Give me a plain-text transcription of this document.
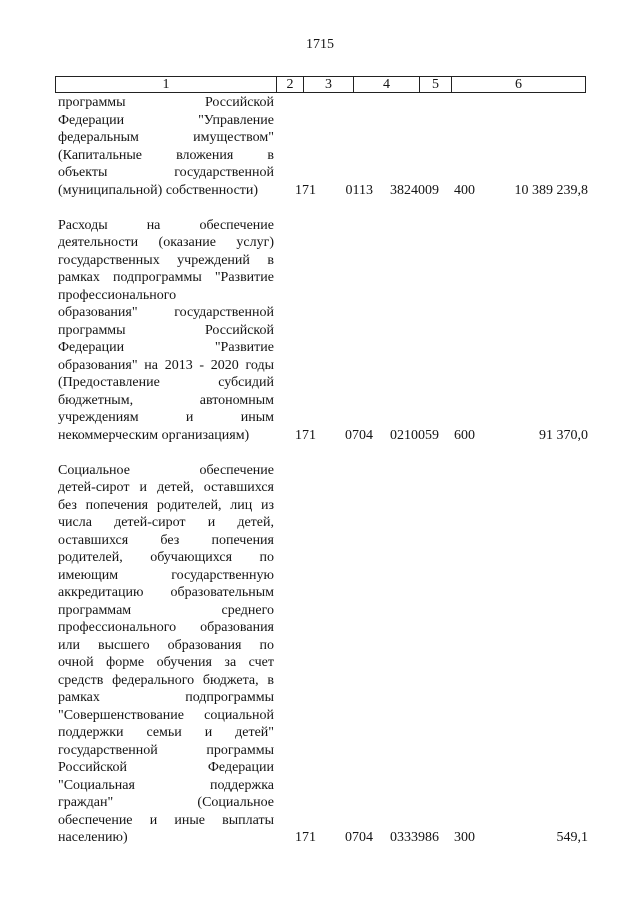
1715
1	2	3	4	5	6
программы Российской
Федерации "Управление
федеральным имуществом"
(Капитальные вложения в
объекты государственной
(муниципальной) собственности)	171	0113	3824009	400	10 389 239,8
Расходы на обеспечение
деятельности (оказание услуг)
государственных учреждений в
рамках подпрограммы "Развитие
профессионального
образования" государственной
программы Российской
Федерации "Развитие
образования" на 2013 - 2020 годы
(Предоставление субсидий
бюджетным, автономным
учреждениям и иным
некоммерческим организациям)	171	0704	0210059	600	91 370,0
Социальное обеспечение
детей-сирот и детей, оставшихся
без попечения родителей, лиц из
числа детей-сирот и детей,
оставшихся без попечения
родителей, обучающихся по
имеющим государственную
аккредитацию образовательным
программам среднего
профессионального образования
или высшего образования по
очной форме обучения за счет
средств федерального бюджета, в
рамках подпрограммы
"Совершенствование социальной
поддержки семьи и детей"
государственной программы
Российской Федерации
"Социальная поддержка
граждан" (Социальное
обеспечение и иные выплаты
населению)	171	0704	0333986	300	549,1
